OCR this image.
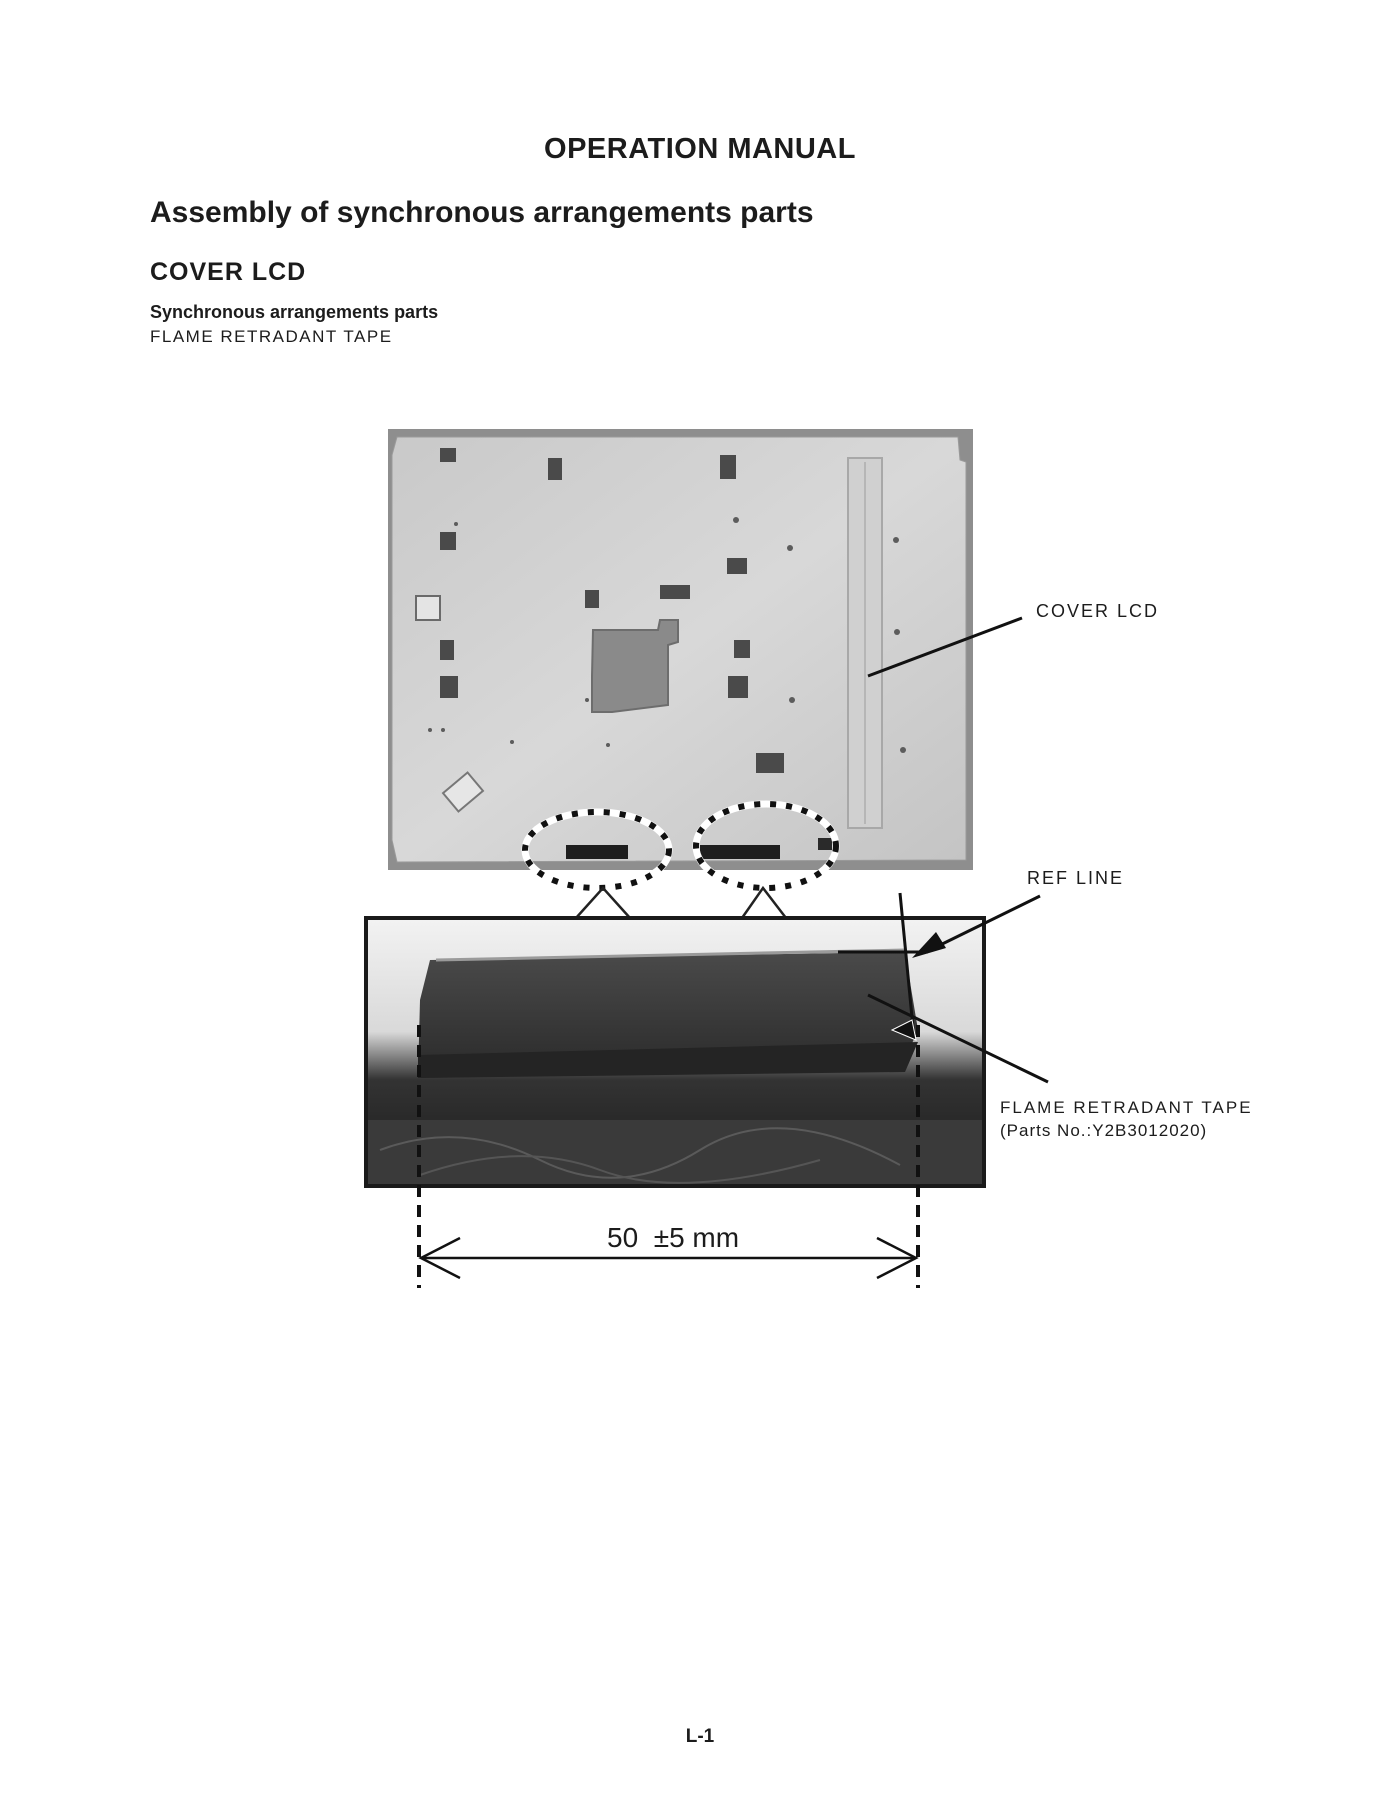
OPERATION MANUAL
Assembly of synchronous arrangements parts
COVER LCD
Synchronous arrangements parts
FLAME RETRADANT TAPE
COVER LCD
REF LINE
FLAME RETRADANT TAPE
(Parts No.:Y2B3012020)
50  ±5 mm
L-1
